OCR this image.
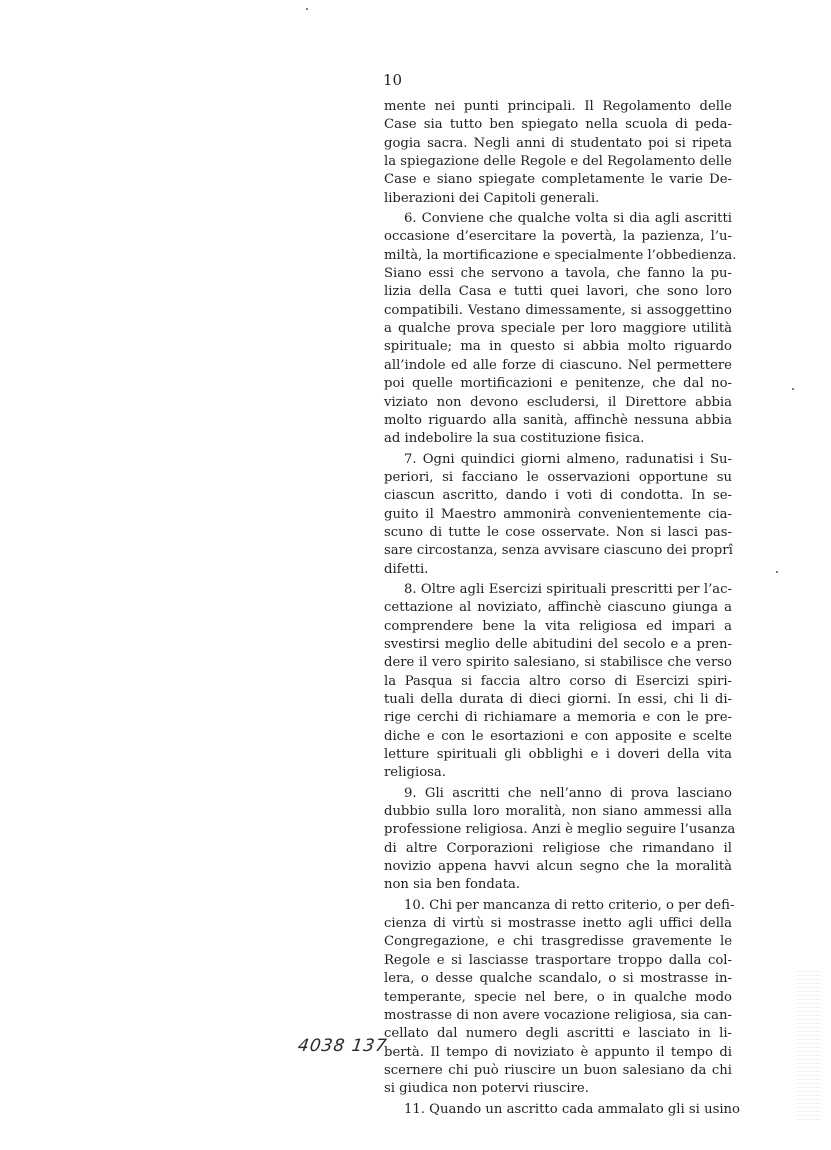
10
mente nei punti principali. Il Regolamento delle
Case sia tutto ben spiegato nella scuola di peda-
gogia sacra. Negli anni di studentato poi si ripeta
la spiegazione delle Regole e del Regolamento delle
Case e siano spiegate completamente le varie De-
liberazioni dei Capitoli generali.
6. Conviene che qualche volta si dia agli ascritti
occasione d’esercitare la povertà, la pazienza, l’u-
miltà, la mortificazione e specialmente l’obbedienza.
Siano essi che servono a tavola, che fanno la pu-
lizia della Casa e tutti quei lavori, che sono loro
compatibili. Vestano dimessamente, si assoggettino
a qualche prova speciale per loro maggiore utilità
spirituale; ma in questo si abbia molto riguardo
all’indole ed alle forze di ciascuno. Nel permettere
poi quelle mortificazioni e penitenze, che dal no-
viziato non devono escludersi, il Direttore abbia
molto riguardo alla sanità, affinchè nessuna abbia
ad indebolire la sua costituzione fisica.
7. Ogni quindici giorni almeno, radunatisi i Su-
periori, si facciano le osservazioni opportune su
ciascun ascritto, dando i voti di condotta. In se-
guito il Maestro ammonirà convenientemente cia-
scuno di tutte le cose osservate. Non si lasci pas-
sare circostanza, senza avvisare ciascuno dei proprî
difetti.
8. Oltre agli Esercizi spirituali prescritti per l’ac-
cettazione al noviziato, affinchè ciascuno giunga a
comprendere bene la vita religiosa ed impari a
svestirsi meglio delle abitudini del secolo e a pren-
dere il vero spirito salesiano, si stabilisce che verso
la Pasqua si faccia altro corso di Esercizi spiri-
tuali della durata di dieci giorni. In essi, chi li di-
rige cerchi di richiamare a memoria e con le pre-
diche e con le esortazioni e con apposite e scelte
letture spirituali gli obblighi e i doveri della vita
religiosa.
9. Gli ascritti che nell’anno di prova lasciano
dubbio sulla loro moralità, non siano ammessi alla
professione religiosa. Anzi è meglio seguire l’usanza
di altre Corporazioni religiose che rimandano il
novizio appena havvi alcun segno che la moralità
non sia ben fondata.
10. Chi per mancanza di retto criterio, o per defi-
cienza di virtù si mostrasse inetto agli uffici della
Congregazione, e chi trasgredisse gravemente le
Regole e si lasciasse trasportare troppo dalla col-
lera, o desse qualche scandalo, o si mostrasse in-
temperante, specie nel bere, o in qualche modo
mostrasse di non avere vocazione religiosa, sia can-
cellato dal numero degli ascritti e lasciato in li-
bertà. Il tempo di noviziato è appunto il tempo di
scernere chi può riuscire un buon salesiano da chi
si giudica non potervi riuscire.
11. Quando un ascritto cada ammalato gli si usino
4038 137
